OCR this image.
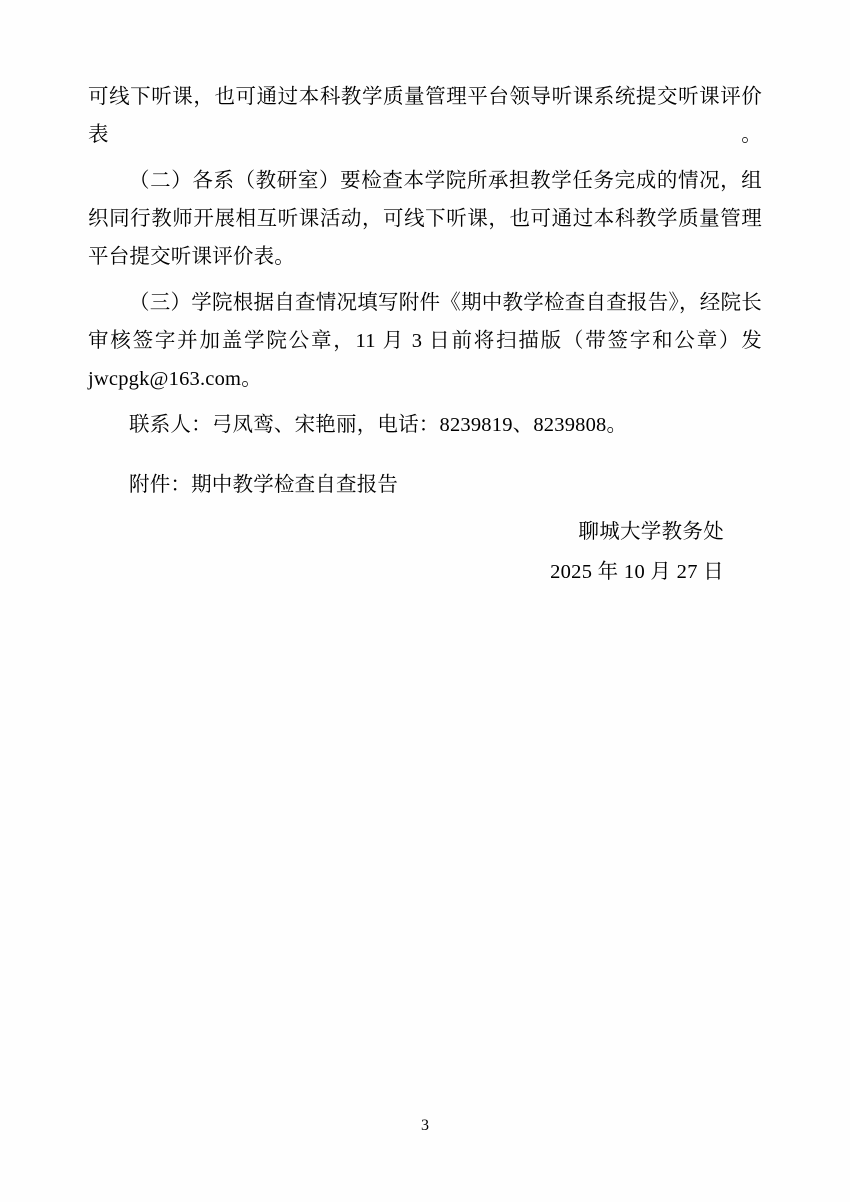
可线下听课，也可通过本科教学质量管理平台领导听课系统提交听课评价表。

（二）各系（教研室）要检查本学院所承担教学任务完成的情况，组织同行教师开展相互听课活动，可线下听课，也可通过本科教学质量管理平台提交听课评价表。

（三）学院根据自查情况填写附件《期中教学检查自查报告》，经院长审核签字并加盖学院公章，11 月 3 日前将扫描版（带签字和公章）发 jwcpgk@163.com。

联系人：弓凤鸾、宋艳丽，电话：8239819、8239808。

附件：期中教学检查自查报告

聊城大学教务处
2025 年 10 月 27 日
3
